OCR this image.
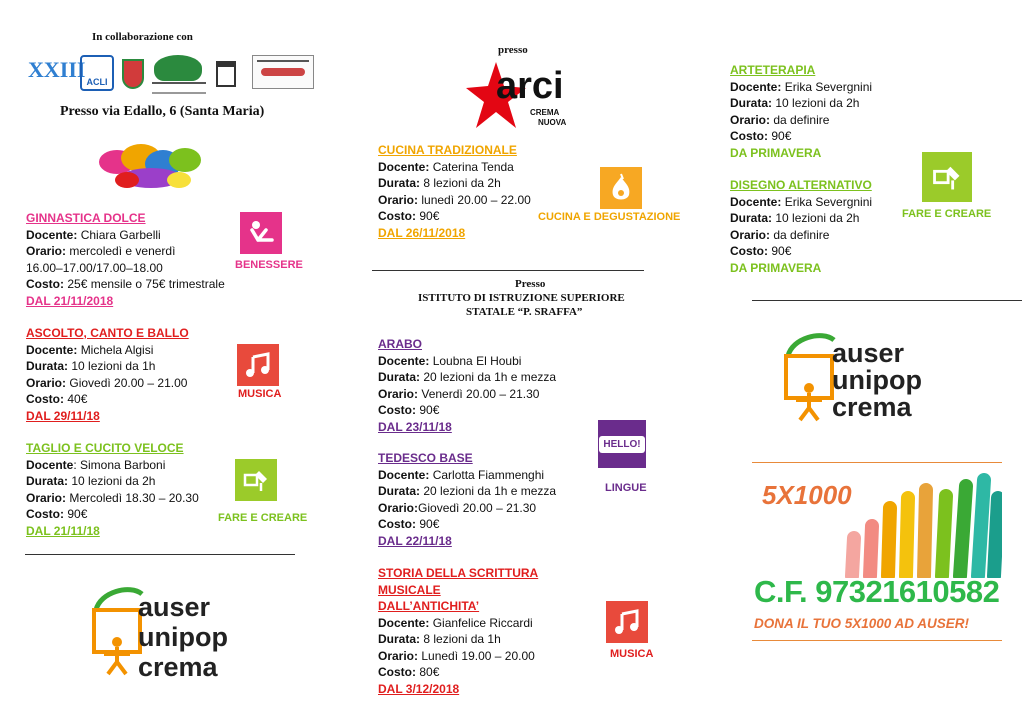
In collaborazione con
XXIII ACLI
Presso via Edallo, 6 (Santa Maria)
GINNASTICA DOLCE
Docente: Chiara Garbelli
Orario: mercoledì e venerdì
16.00–17.00/17.00–18.00
Costo: 25€ mensile o 75€ trimestrale
DAL 21/11/2018
BENESSERE
ASCOLTO, CANTO E BALLO
Docente: Michela Algisi
Durata: 10 lezioni da 1h
Orario: Giovedì 20.00 – 21.00
Costo: 40€
DAL 29/11/18
MUSICA
TAGLIO E CUCITO VELOCE
Docente: Simona Barboni
Durata: 10 lezioni da 2h
Orario: Mercoledì 18.30 – 20.30
Costo: 90€
DAL 21/11/18
FARE E CREARE
auser
unipop
crema
presso
arci
CREMA
NUOVA
CUCINA TRADIZIONALE
Docente: Caterina Tenda
Durata: 8 lezioni da 2h
Orario: lunedì 20.00 – 22.00
Costo: 90€
DAL 26/11/2018
CUCINA E DEGUSTAZIONE
Presso
ISTITUTO DI ISTRUZIONE SUPERIORE
STATALE “P. SRAFFA”
ARABO
Docente: Loubna El Houbi
Durata: 20 lezioni da 1h e mezza
Orario: Venerdì 20.00 – 21.30
Costo: 90€
DAL 23/11/18
HELLO!
LINGUE
TEDESCO BASE
Docente: Carlotta Fiammenghi
Durata: 20 lezioni da 1h e mezza
Orario:Giovedì 20.00 – 21.30
Costo: 90€
DAL 22/11/18
STORIA DELLA SCRITTURA MUSICALE
DALL’ANTICHITA’
Docente: Gianfelice Riccardi
Durata: 8 lezioni da 1h
Orario: Lunedì 19.00 – 20.00
Costo: 80€
DAL 3/12/2018
MUSICA
ARTETERAPIA
Docente: Erika Severgnini
Durata: 10 lezioni da 2h
Orario: da definire
Costo: 90€
DA PRIMAVERA
DISEGNO ALTERNATIVO
Docente: Erika Severgnini
Durata: 10 lezioni da 2h
Orario: da definire
Costo: 90€
DA PRIMAVERA
FARE E CREARE
auser
unipop
crema
5X1000
C.F. 97321610582
DONA IL TUO 5X1000 AD AUSER!
